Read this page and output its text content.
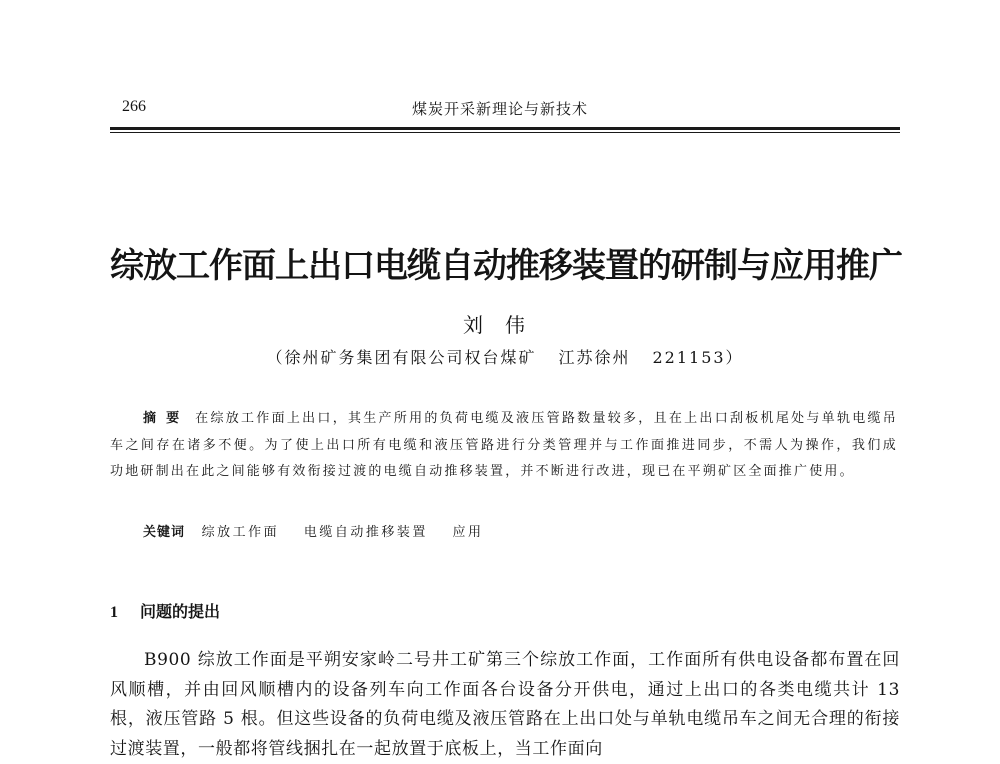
266	煤炭开采新理论与新技术
综放工作面上出口电缆自动推移装置的研制与应用推广
刘伟
（徐州矿务集团有限公司权台煤矿 江苏徐州 221153）
摘要 在综放工作面上出口，其生产所用的负荷电缆及液压管路数量较多，且在上出口刮板机尾处与单轨电缆吊车之间存在诸多不便。为了使上出口所有电缆和液压管路进行分类管理并与工作面推进同步，不需人为操作，我们成功地研制出在此之间能够有效衔接过渡的电缆自动推移装置，并不断进行改进，现已在平朔矿区全面推广使用。
关键词 综放工作面 电缆自动推移装置 应用
1 问题的提出
B900 综放工作面是平朔安家岭二号井工矿第三个综放工作面，工作面所有供电设备都布置在回风顺槽，并由回风顺槽内的设备列车向工作面各台设备分开供电，通过上出口的各类电缆共计 13 根，液压管路 5 根。但这些设备的负荷电缆及液压管路在上出口处与单轨电缆吊车之间无合理的衔接过渡装置，一般都将管线捆扎在一起放置于底板上，当工作面向
